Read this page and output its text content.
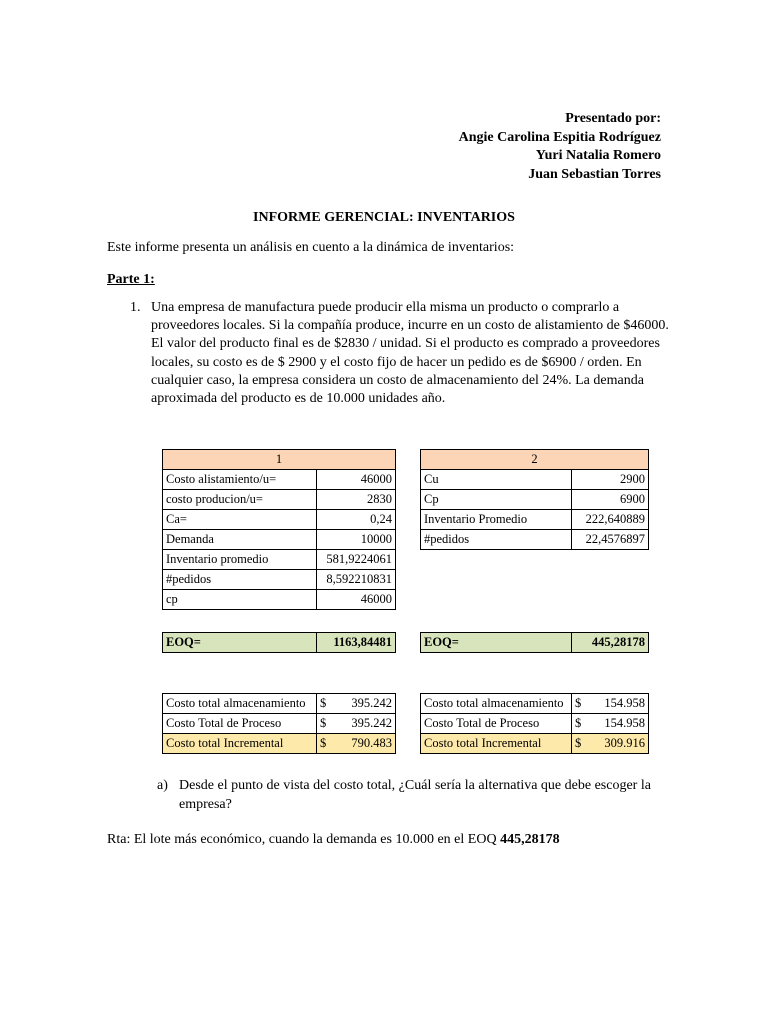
Presentado por:
Angie Carolina Espitia Rodríguez
Yuri Natalia Romero
Juan Sebastian Torres
INFORME GERENCIAL: INVENTARIOS
Este informe presenta un análisis en cuento a la dinámica de inventarios:
Parte 1:
1. Una empresa de manufactura puede producir ella misma un producto o comprarlo a proveedores locales. Si la compañía produce, incurre en un costo de alistamiento de $46000. El valor del producto final es de $2830 / unidad. Si el producto es comprado a proveedores locales, su costo es de $ 2900 y el costo fijo de hacer un pedido es de $6900 / orden. En cualquier caso, la empresa considera un costo de almacenamiento del 24%. La demanda aproximada del producto es de 10.000 unidades año.
1	
Costo alistamiento/u=	46000
costo producion/u=	2830
Ca=	0,24
Demanda	10000
Inventario promedio	581,9224061
#pedidos	8,592210831
cp	46000
2	
Cu	2900
Cp	6900
Inventario Promedio	222,640889
#pedidos	22,4576897
EOQ=	1163,84481	EOQ=	445,28178
Costo total almacenamiento	$ 395.242

Costo Total de Proceso	$ 395.242

Costo total Incremental	$ 790.483
Costo total almacenamiento	$ 154.958

Costo Total de Proceso	$ 154.958

Costo total Incremental	$ 309.916
a) Desde el punto de vista del costo total, ¿Cuál sería la alternativa que debe escoger la empresa?
Rta: El lote más económico, cuando la demanda es 10.000 en el EOQ 445,28178
